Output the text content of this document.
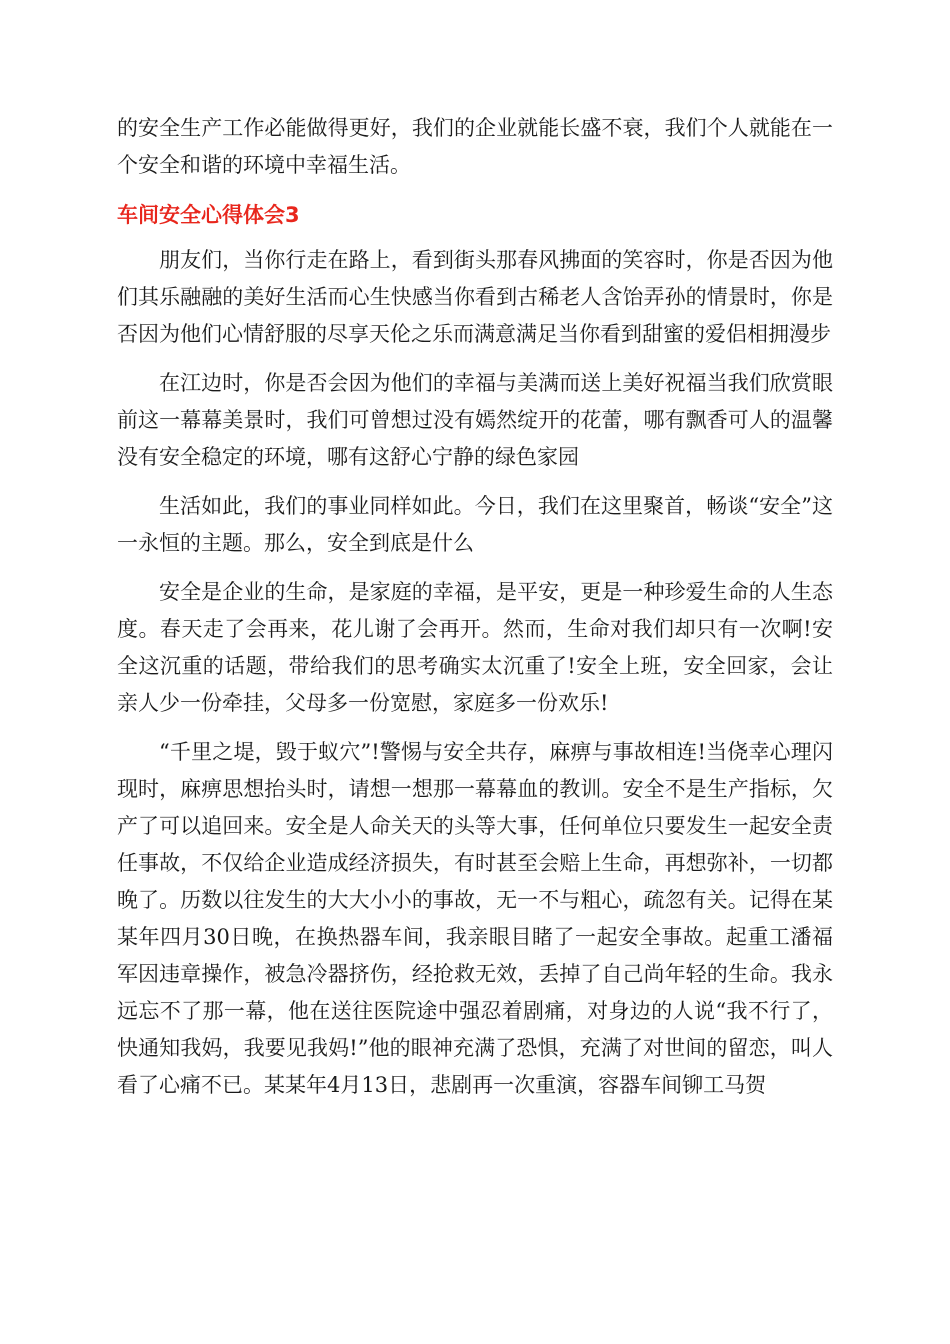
的安全生产工作必能做得更好，我们的企业就能长盛不衰，我们个人就能在一个安全和谐的环境中幸福生活。

车间安全心得体会3

朋友们，当你行走在路上，看到街头那春风拂面的笑容时，你是否因为他们其乐融融的美好生活而心生快感当你看到古稀老人含饴弄孙的情景时，你是否因为他们心情舒服的尽享天伦之乐而满意满足当你看到甜蜜的爱侣相拥漫步

在江边时，你是否会因为他们的幸福与美满而送上美好祝福当我们欣赏眼前这一幕幕美景时，我们可曾想过没有嫣然绽开的花蕾，哪有飘香可人的温馨没有安全稳定的环境，哪有这舒心宁静的绿色家园

生活如此，我们的事业同样如此。今日，我们在这里聚首，畅谈“安全”这一永恒的主题。那么，安全到底是什么

安全是企业的生命，是家庭的幸福，是平安，更是一种珍爱生命的人生态度。春天走了会再来，花儿谢了会再开。然而，生命对我们却只有一次啊!安全这沉重的话题，带给我们的思考确实太沉重了!安全上班，安全回家，会让亲人少一份牵挂，父母多一份宽慰，家庭多一份欢乐!

“千里之堤，毁于蚁穴”!警惕与安全共存，麻痹与事故相连!当侥幸心理闪现时，麻痹思想抬头时，请想一想那一幕幕血的教训。安全不是生产指标，欠产了可以追回来。安全是人命关天的头等大事，任何单位只要发生一起安全责任事故，不仅给企业造成经济损失，有时甚至会赔上生命，再想弥补，一切都晚了。历数以往发生的大大小小的事故，无一不与粗心，疏忽有关。记得在某某年四月30日晚，在换热器车间，我亲眼目睹了一起安全事故。起重工潘福军因违章操作，被急冷器挤伤，经抢救无效，丢掉了自己尚年轻的生命。我永远忘不了那一幕，他在送往医院途中强忍着剧痛，对身边的人说“我不行了，快通知我妈，我要见我妈!”他的眼神充满了恐惧，充满了对世间的留恋，叫人看了心痛不已。某某年4月13日，悲剧再一次重演，容器车间铆工马贺
